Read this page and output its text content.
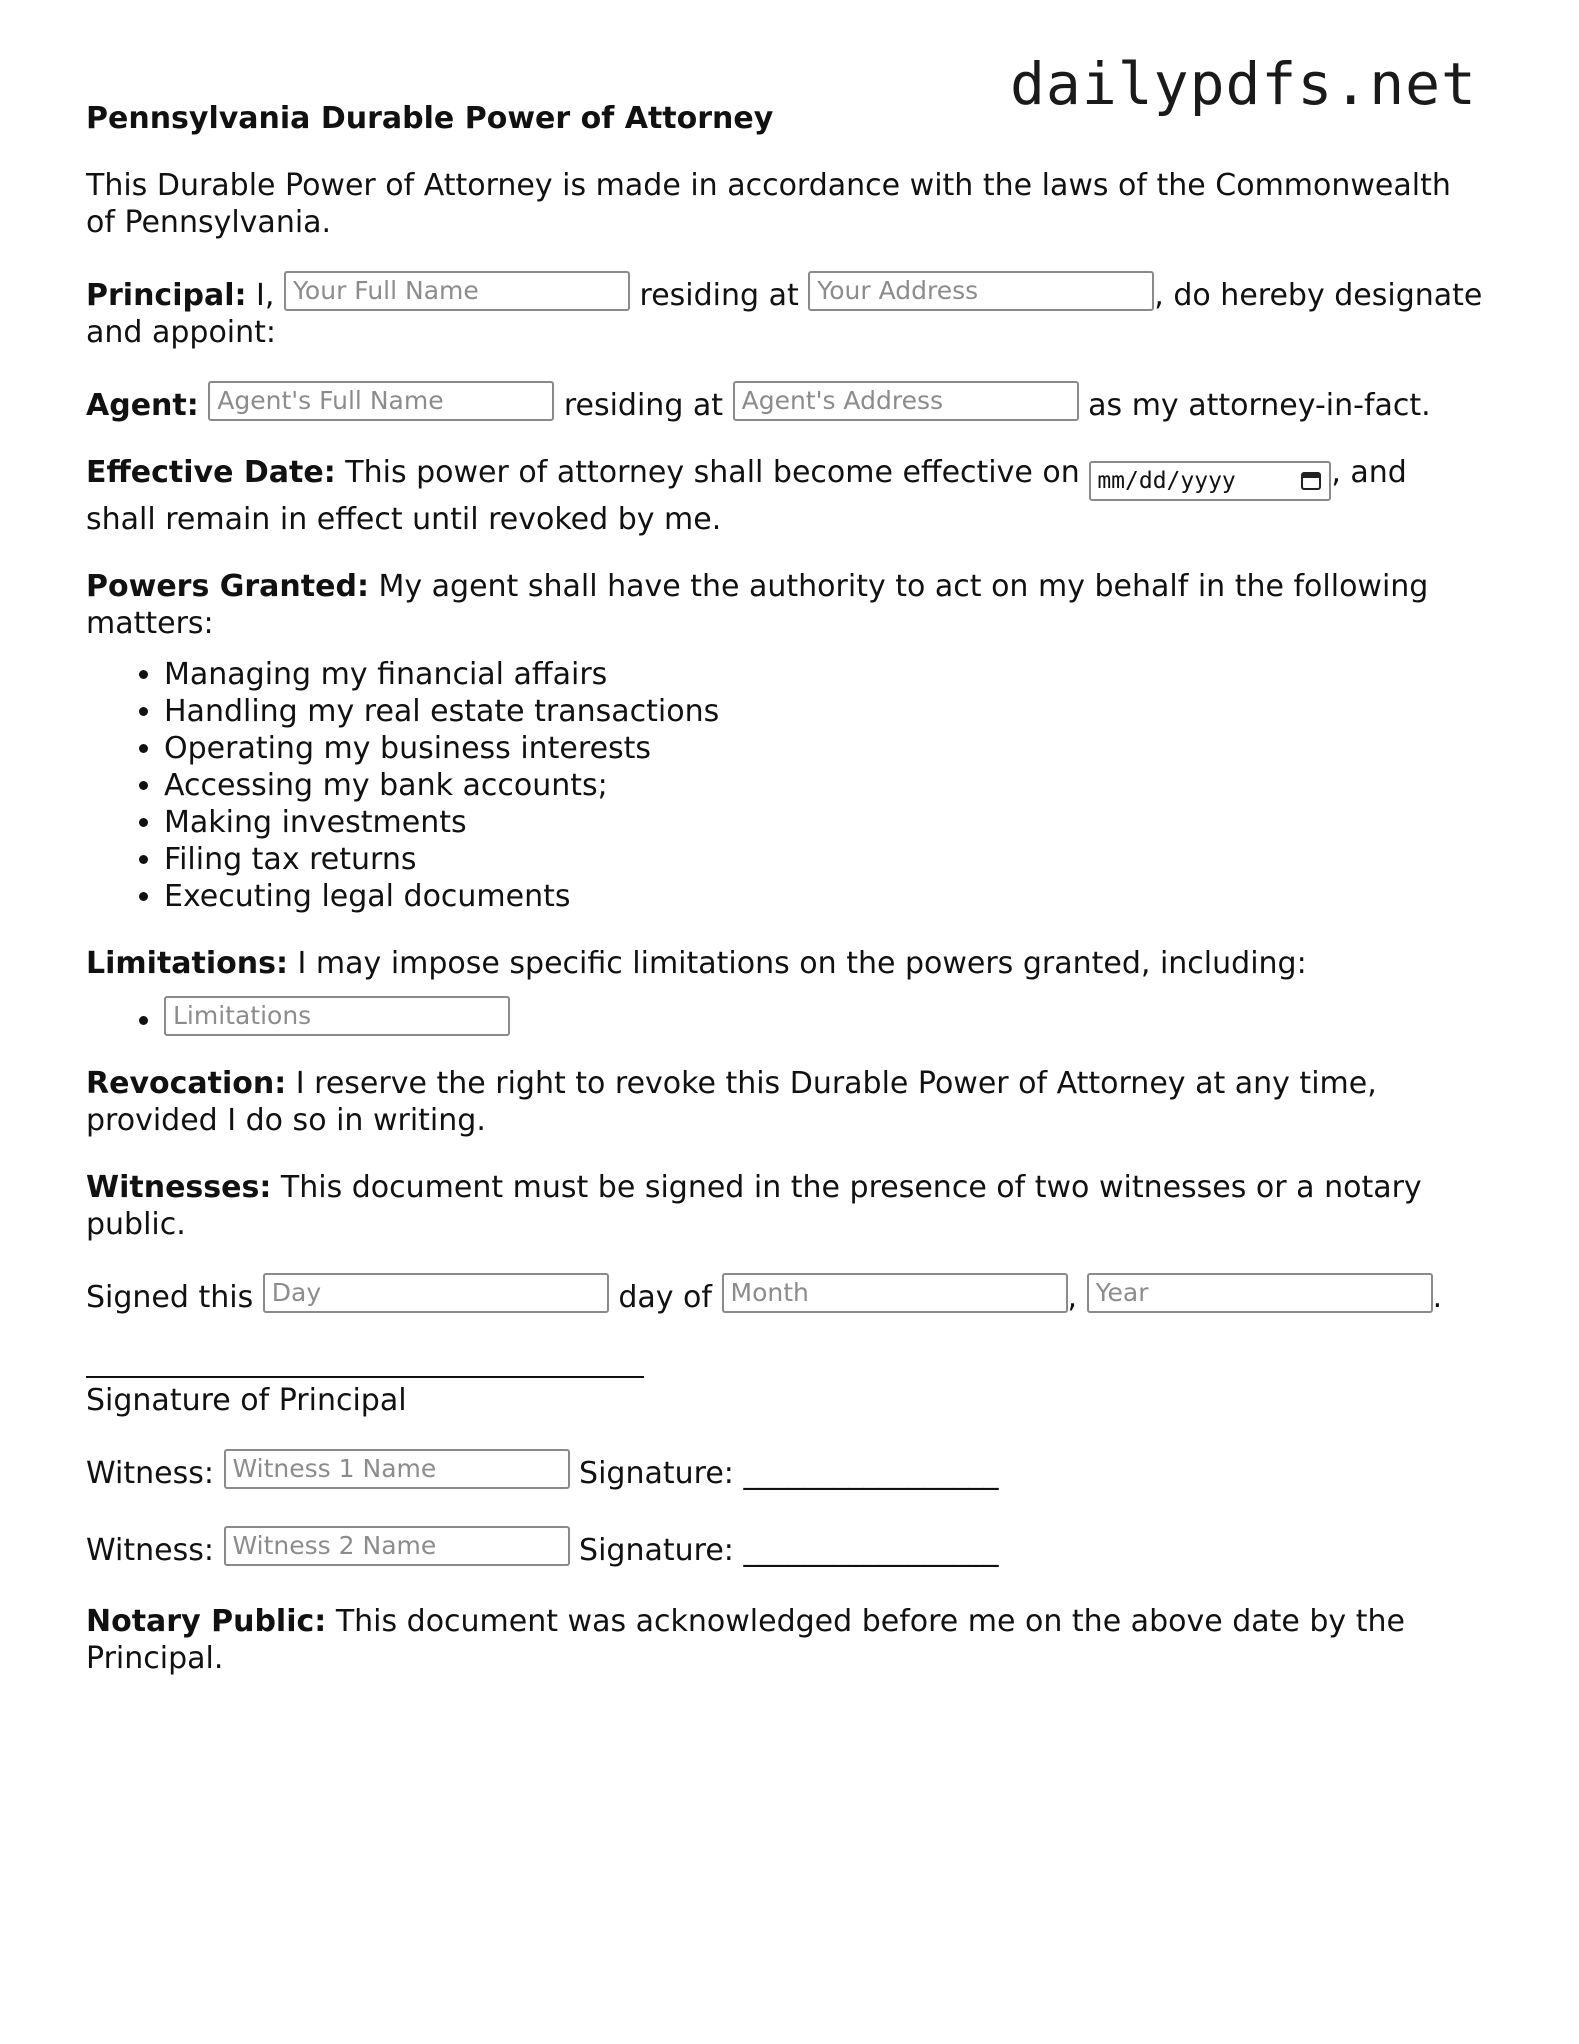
dailypdfs.net
Pennsylvania Durable Power of Attorney

This Durable Power of Attorney is made in accordance with the laws of the Commonwealth of Pennsylvania.

Principal: I, Your Full Name	residing at Your Address	, do hereby designate and appoint:

Agent: Agent's Full Name	residing at Agent's Address	as my attorney-in-fact.

Effective Date: This power of attorney shall become effective on mm/dd/yyyy	, and shall remain in effect until revoked by me.

Powers Granted: My agent shall have the authority to act on my behalf in the following matters:

• Managing my financial affairs
• Handling my real estate transactions
• Operating my business interests
• Accessing my bank accounts;
• Making investments
• Filing tax returns
• Executing legal documents

Limitations: I may impose specific limitations on the powers granted, including:

• Limitations

Revocation: I reserve the right to revoke this Durable Power of Attorney at any time, provided I do so in writing.

Witnesses: This document must be signed in the presence of two witnesses or a notary public.

Signed this Day	day of Month	, Year	.

Signature of Principal
Witness: Witness 1 Name	Signature: _________________
Witness: Witness 2 Name	Signature: _________________

Notary Public: This document was acknowledged before me on the above date by the Principal.
